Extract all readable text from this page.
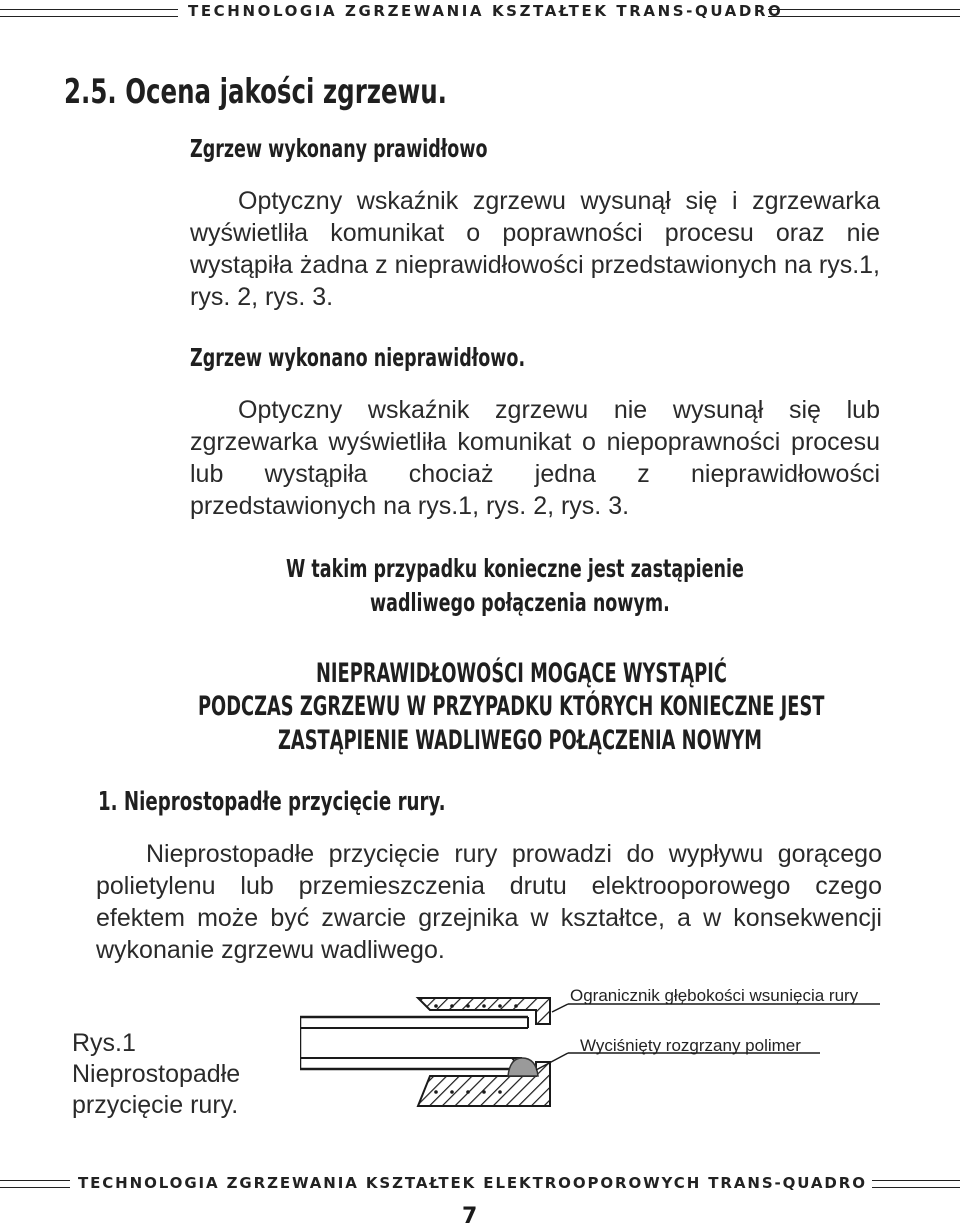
TECHNOLOGIA ZGRZEWANIA KSZTAŁTEK TRANS-QUADRO
2.5. Ocena jakości zgrzewu.
Zgrzew wykonany prawidłowo

Optyczny wskaźnik zgrzewu wysunął się i zgrzewarka wyświetliła komunikat o poprawności procesu oraz nie wystąpiła żadna z nieprawidłowości przedstawionych na rys.1, rys. 2, rys. 3.

Zgrzew wykonano nieprawidłowo.

Optyczny wskaźnik zgrzewu nie wysunął się lub zgrzewarka wyświetliła komunikat o niepoprawności procesu lub wystąpiła chociaż jedna z nieprawidłowości przedstawionych na rys.1, rys. 2, rys. 3.

W takim przypadku konieczne jest zastąpienie
wadliwego połączenia nowym.
NIEPRAWIDŁOWOŚCI MOGĄCE WYSTĄPIĆ
PODCZAS ZGRZEWU W PRZYPADKU KTÓRYCH KONIECZNE JEST
ZASTĄPIENIE WADLIWEGO POŁĄCZENIA NOWYM
1. Nieprostopadłe przycięcie rury.

Nieprostopadłe przycięcie rury prowadzi do wypływu gorącego polietylenu lub przemieszczenia drutu elektrooporowego czego efektem może być zwarcie grzejnika w kształtce, a w konsekwencji wykonanie zgrzewu wadliwego.

Rys.1
Nieprostopadłe
przycięcie rury.
Ogranicznik głębokości wsunięcia rury
Wyciśnięty rozgrzany polimer
TECHNOLOGIA ZGRZEWANIA KSZTAŁTEK ELEKTROOPOROWYCH TRANS-QUADRO
7
